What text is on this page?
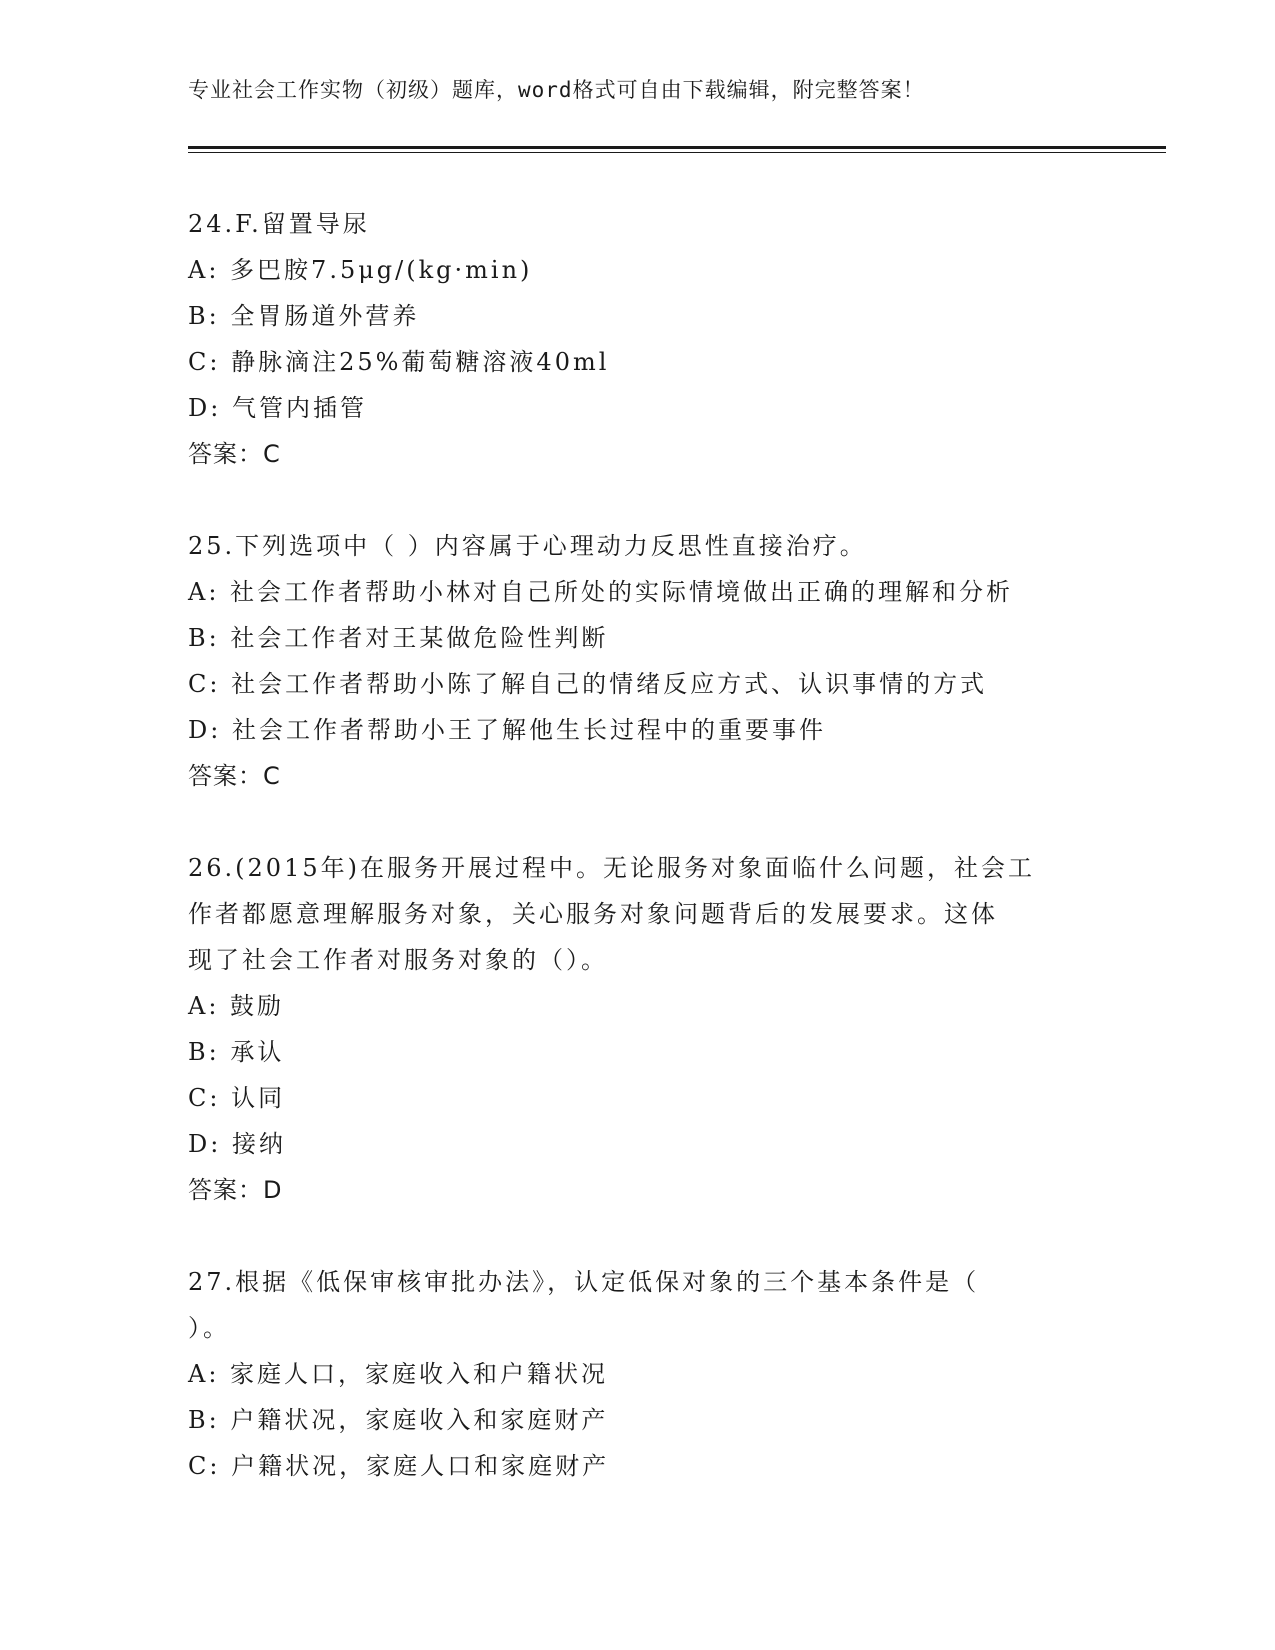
专业社会工作实物（初级）题库，word格式可自由下载编辑，附完整答案！
24.F.留置导尿
A: 多巴胺7.5μg/(kg·min)
B: 全胃肠道外营养
C: 静脉滴注25%葡萄糖溶液40ml
D: 气管内插管
答案：C
25.下列选项中（ ）内容属于心理动力反思性直接治疗。
A: 社会工作者帮助小林对自己所处的实际情境做出正确的理解和分析
B: 社会工作者对王某做危险性判断
C: 社会工作者帮助小陈了解自己的情绪反应方式、认识事情的方式
D: 社会工作者帮助小王了解他生长过程中的重要事件
答案：C
26.(2015年)在服务开展过程中。无论服务对象面临什么问题，社会工
作者都愿意理解服务对象，关心服务对象问题背后的发展要求。这体
现了社会工作者对服务对象的（）。
A: 鼓励
B: 承认
C: 认同
D: 接纳
答案：D
27.根据《低保审核审批办法》，认定低保对象的三个基本条件是（
）。
A: 家庭人口，家庭收入和户籍状况
B: 户籍状况，家庭收入和家庭财产
C: 户籍状况，家庭人口和家庭财产
